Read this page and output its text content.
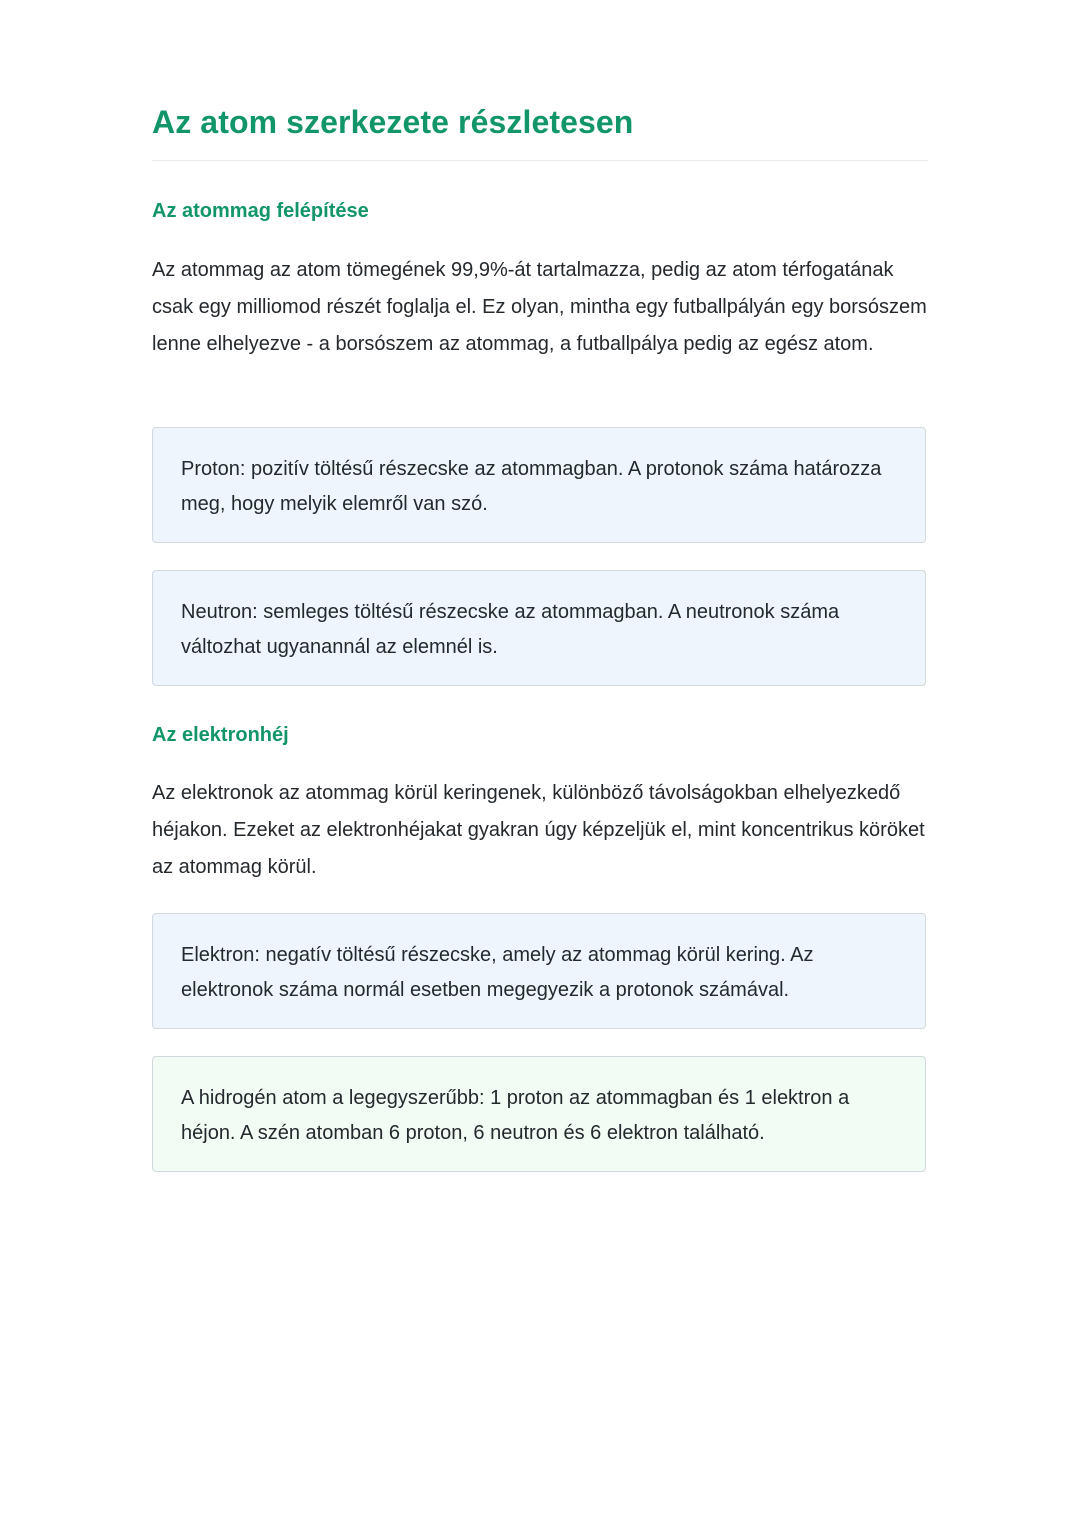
Az atom szerkezete részletesen
Az atommag felépítése

Az atommag az atom tömegének 99,9%-át tartalmazza, pedig az atom térfogatának csak egy milliomod részét foglalja el. Ez olyan, mintha egy futballpályán egy borsószem lenne elhelyezve - a borsószem az atommag, a futballpálya pedig az egész atom.

Proton: pozitív töltésű részecske az atommagban. A protonok száma határozza meg, hogy melyik elemről van szó.
Neutron: semleges töltésű részecske az atommagban. A neutronok száma változhat ugyanannál az elemnél is.
Az elektronhéj

Az elektronok az atommag körül keringenek, különböző távolságokban elhelyezkedő héjakon. Ezeket az elektronhéjakat gyakran úgy képzeljük el, mint koncentrikus köröket az atommag körül.

Elektron: negatív töltésű részecske, amely az atommag körül kering. Az elektronok száma normál esetben megegyezik a protonok számával.
A hidrogén atom a legegyszerűbb: 1 proton az atommagban és 1 elektron a héjon. A szén atomban 6 proton, 6 neutron és 6 elektron található.
